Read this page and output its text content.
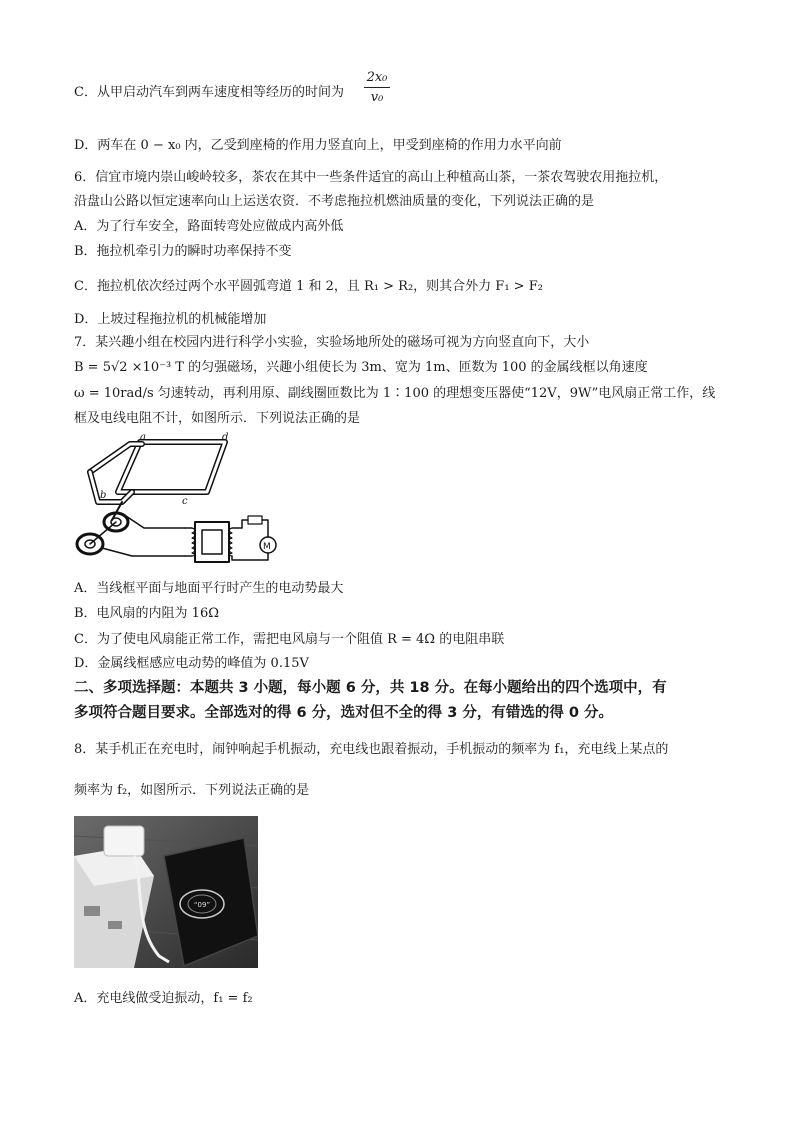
C．从甲启动汽车到两车速度相等经历的时间为 $\frac{\text{2x₀}}{\text{v₀}}$
D．两车在 0 − x₀ 内，乙受到座椅的作用力竖直向上，甲受到座椅的作用力水平向前
6．信宜市境内崇山峻岭较多，茶农在其中一些条件适宜的高山上种植高山茶，一茶农驾驶农用拖拉机，
沿盘山公路以恒定速率向山上运送农资．不考虑拖拉机燃油质量的变化，下列说法正确的是
A．为了行车安全，路面转弯处应做成内高外低
B．拖拉机牵引力的瞬时功率保持不变
C．拖拉机依次经过两个水平圆弧弯道 1 和 2，且 R₁ > R₂，则其合外力 F₁ > F₂
D．上坡过程拖拉机的机械能增加
7．某兴趣小组在校园内进行科学小实验，实验场地所处的磁场可视为方向竖直向下，大小
B = 5√2 ×10⁻³ T 的匀强磁场，兴趣小组使长为 3m、宽为 1m、匝数为 100 的金属线框以角速度
ω = 10rad/s 匀速转动，再利用原、副线圈匝数比为 1∶100 的理想变压器使“12V，9W”电风扇正常工作，线
框及电线电阻不计，如图所示．下列说法正确的是
a	d
b
c
M
A．当线框平面与地面平行时产生的电动势最大
B．电风扇的内阻为 16Ω
C．为了使电风扇能正常工作，需把电风扇与一个阻值 R = 4Ω 的电阻串联
D．金属线框感应电动势的峰值为 0.15V
二、多项选择题：本题共 3 小题，每小题 6 分，共 18 分。在每小题给出的四个选项中，有
多项符合题目要求。全部选对的得 6 分，选对但不全的得 3 分，有错选的得 0 分。
8．某手机正在充电时，闹钟响起手机振动，充电线也跟着振动，手机振动的频率为 f₁，充电线上某点的
频率为 f₂，如图所示．下列说法正确的是
“09”
A．充电线做受迫振动，f₁ = f₂
